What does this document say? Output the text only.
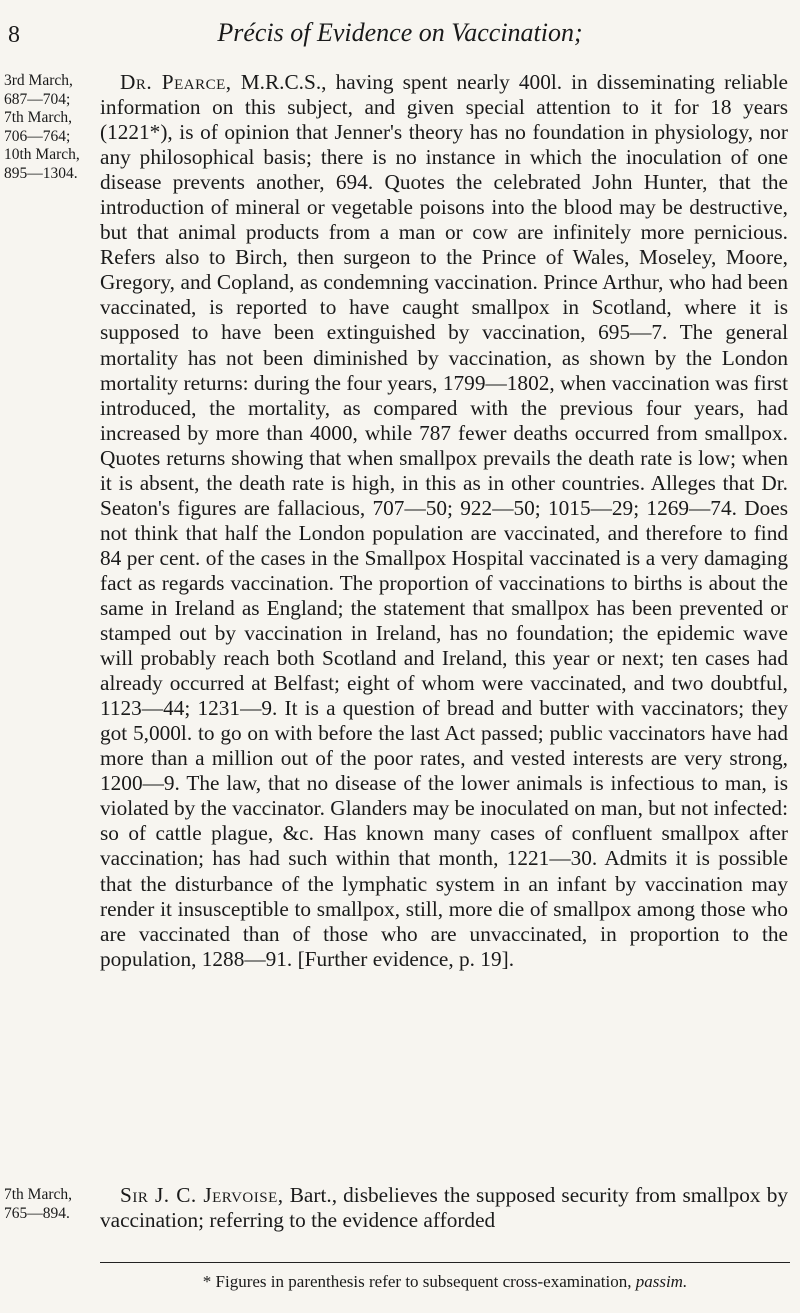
8	Précis of Evidence on Vaccination;
3rd March,
687—704;
7th March,
706—764;
10th March,
895—1304.

Dr. Pearce, M.R.C.S., having spent nearly 400l. in disseminating reliable information on this subject, and given special attention to it for 18 years (1221*), is of opinion that Jenner's theory has no foundation in physiology, nor any philosophical basis; there is no instance in which the inoculation of one disease prevents another, 694. Quotes the celebrated John Hunter, that the introduction of mineral or vegetable poisons into the blood may be destructive, but that animal products from a man or cow are infinitely more pernicious. Refers also to Birch, then surgeon to the Prince of Wales, Moseley, Moore, Gregory, and Copland, as condemning vaccination. Prince Arthur, who had been vaccinated, is reported to have caught smallpox in Scotland, where it is supposed to have been extinguished by vaccination, 695—7. The general mortality has not been diminished by vaccination, as shown by the London mortality returns: during the four years, 1799—1802, when vaccination was first introduced, the mortality, as compared with the previous four years, had increased by more than 4000, while 787 fewer deaths occurred from smallpox. Quotes returns showing that when smallpox prevails the death rate is low; when it is absent, the death rate is high, in this as in other countries. Alleges that Dr. Seaton's figures are fallacious, 707—50; 922—50; 1015—29; 1269—74. Does not think that half the London population are vaccinated, and therefore to find 84 per cent. of the cases in the Smallpox Hospital vaccinated is a very damaging fact as regards vaccination. The proportion of vaccinations to births is about the same in Ireland as England; the statement that smallpox has been prevented or stamped out by vaccination in Ireland, has no foundation; the epidemic wave will probably reach both Scotland and Ireland, this year or next; ten cases had already occurred at Belfast; eight of whom were vaccinated, and two doubtful, 1123—44; 1231—9. It is a question of bread and butter with vaccinators; they got 5,000l. to go on with before the last Act passed; public vaccinators have had more than a million out of the poor rates, and vested interests are very strong, 1200—9. The law, that no disease of the lower animals is infectious to man, is violated by the vaccinator. Glanders may be inoculated on man, but not infected: so of cattle plague, &c. Has known many cases of confluent smallpox after vaccination; has had such within that month, 1221—30. Admits it is possible that the disturbance of the lymphatic system in an infant by vaccination may render it insusceptible to smallpox, still, more die of smallpox among those who are vaccinated than of those who are unvaccinated, in proportion to the population, 1288—91. [Further evidence, p. 19].

7th March,
765—894.

Sir J. C. Jervoise, Bart., disbelieves the supposed security from smallpox by vaccination; referring to the evidence afforded

* Figures in parenthesis refer to subsequent cross-examination, passim.
